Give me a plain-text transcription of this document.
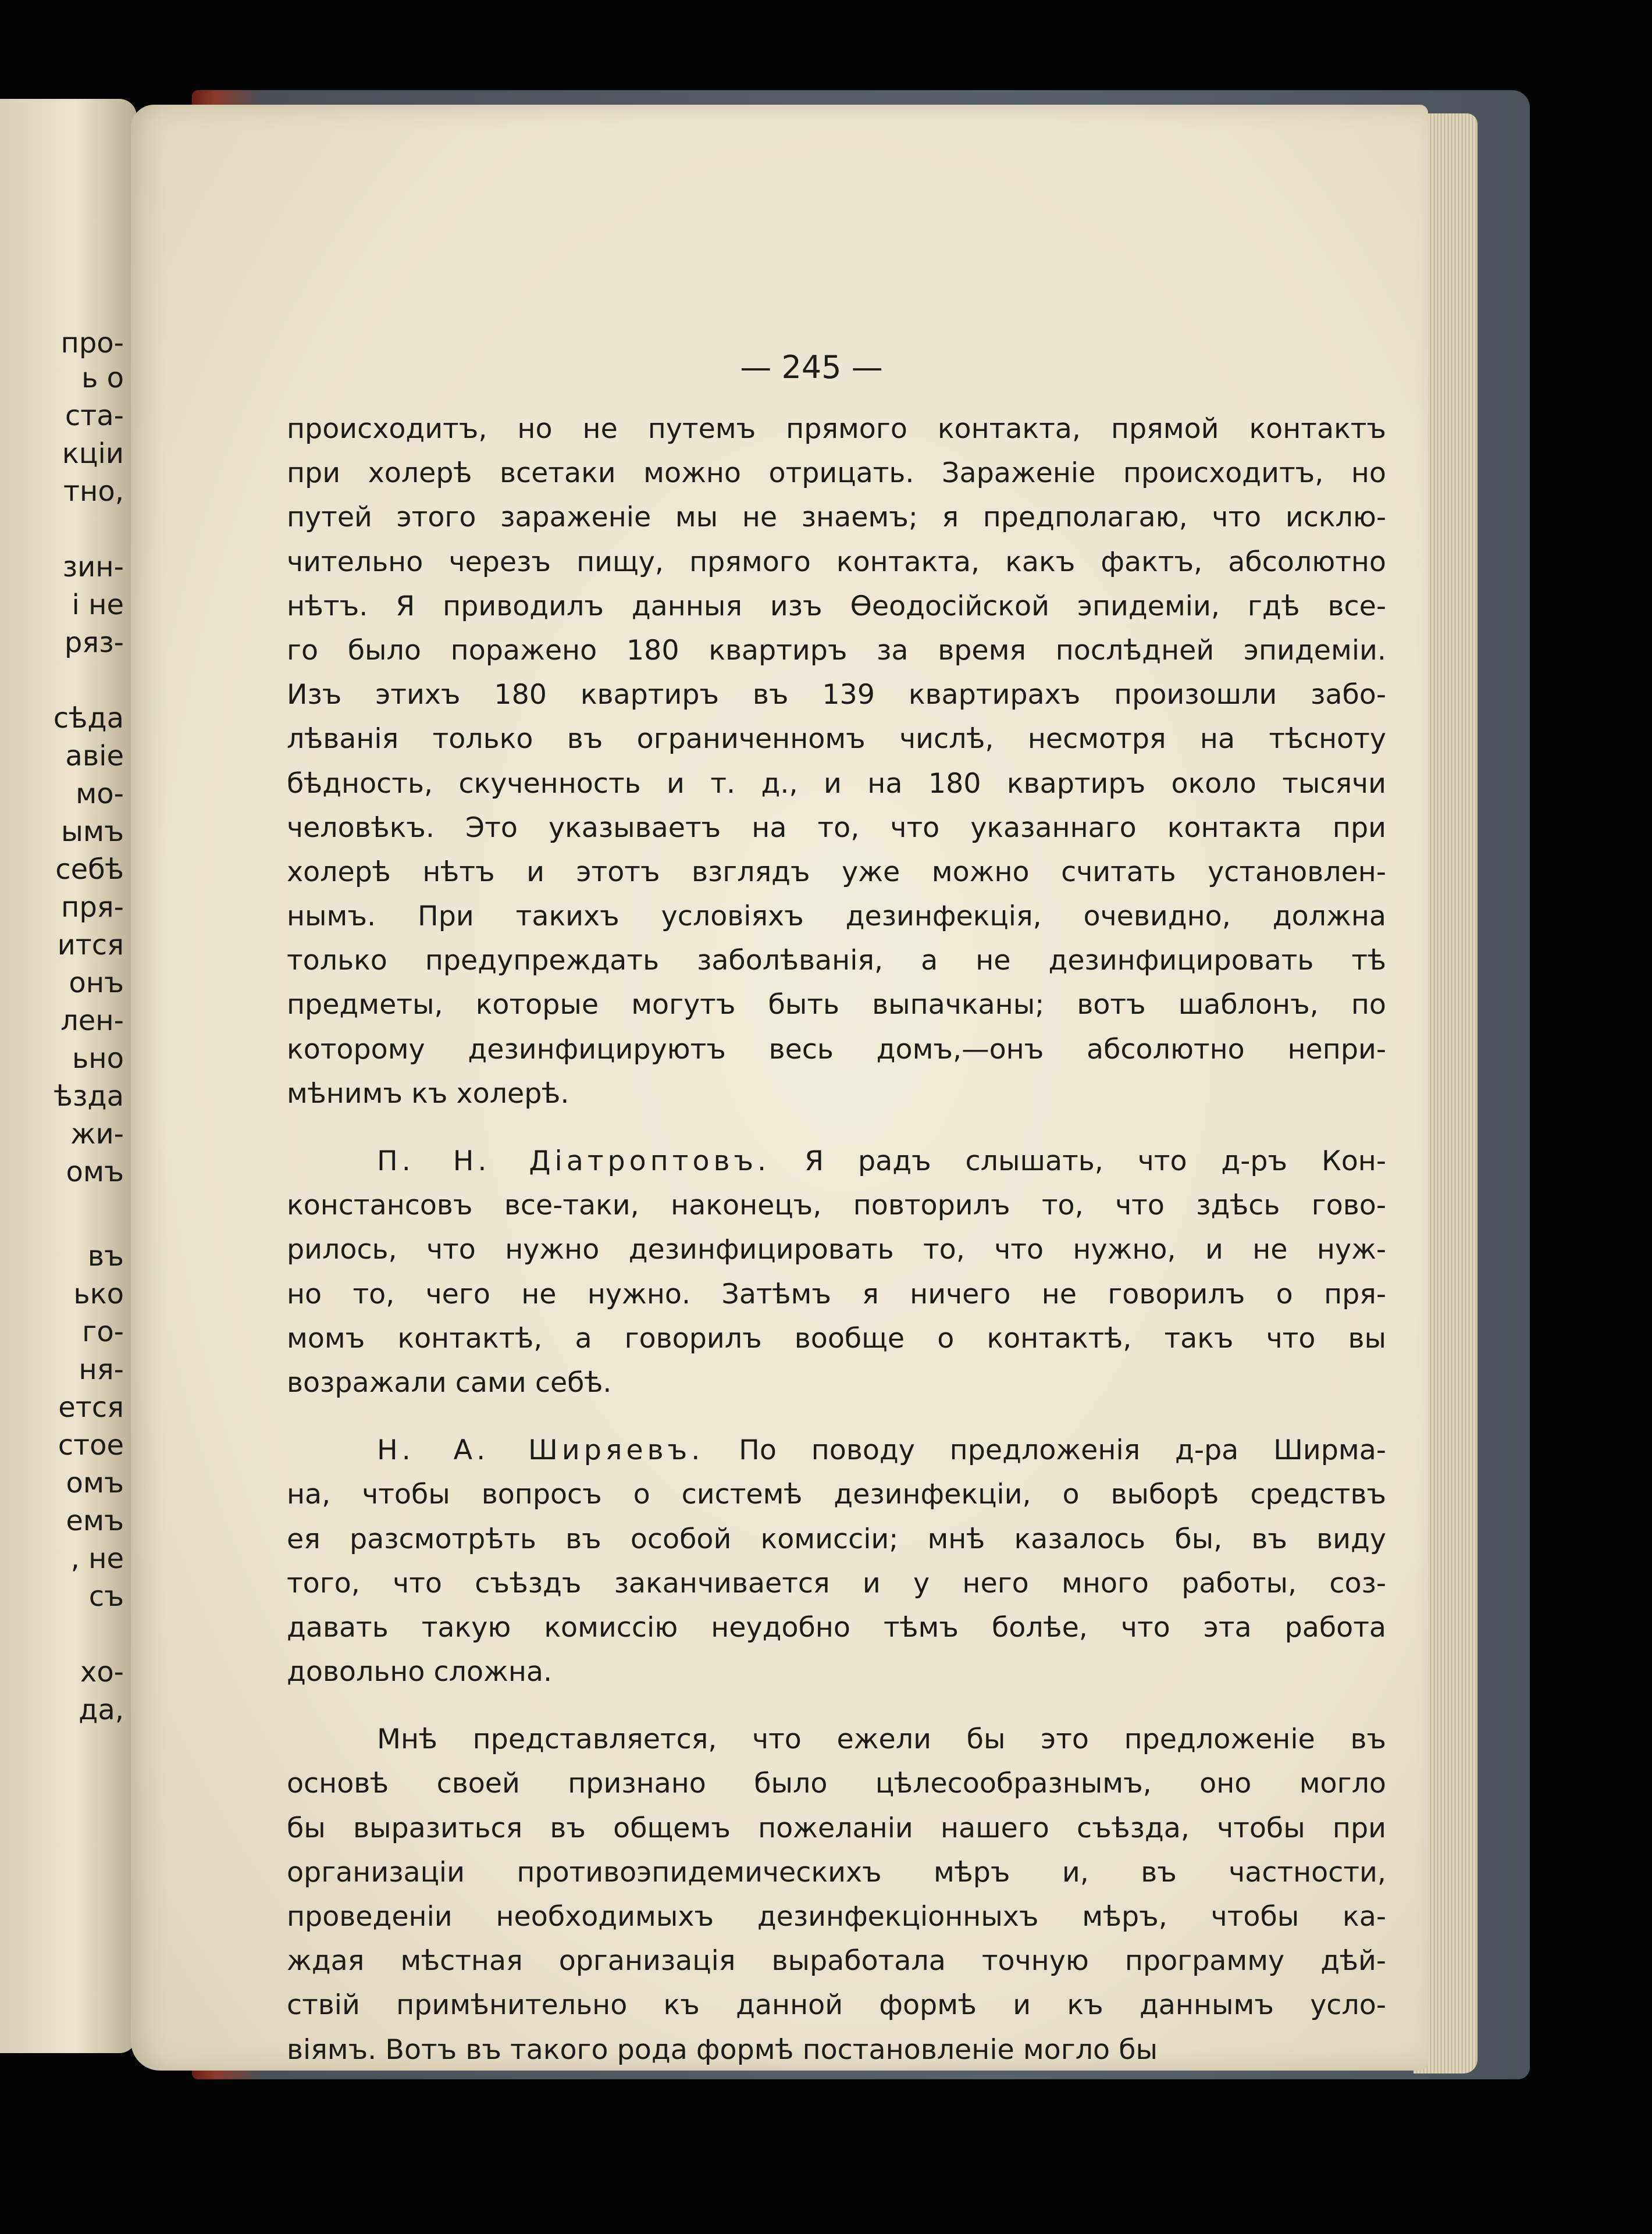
про-
ь о
ста-
кціи
тно,
зин-
і не
ряз-
сѣда
авіе
мо-
ымъ
себѣ
пря-
ится
онъ
лен-
ьно
ѣзда
жи-
омъ
въ
ько
го-
ня-
ется
стое
омъ
емъ
, не
съ
хо-
да,
— 245 —
происходитъ, но не путемъ прямого контакта, прямой контактъ
при холерѣ всетаки можно отрицать. Зараженіе происходитъ, но
путей этого зараженіе мы не знаемъ; я предполагаю, что исклю-
чительно черезъ пищу, прямого контакта, какъ фактъ, абсолютно
нѣтъ. Я приводилъ данныя изъ Ѳеодосійской эпидеміи, гдѣ все-
го было поражено 180 квартиръ за время послѣдней эпидеміи.
Изъ этихъ 180 квартиръ въ 139 квартирахъ произошли забо-
лѣванія только въ ограниченномъ числѣ, несмотря на тѣсноту
бѣдность, скученность и т. д., и на 180 квартиръ около тысячи
человѣкъ. Это указываетъ на то, что указаннаго контакта при
холерѣ нѣтъ и этотъ взглядъ уже можно считать установлен-
нымъ. При такихъ условіяхъ дезинфекція, очевидно, должна
только предупреждать заболѣванія, а не дезинфицировать тѣ
предметы, которые могутъ быть выпачканы; вотъ шаблонъ, по
которому дезинфицируютъ весь домъ,—онъ абсолютно непри-
мѣнимъ къ холерѣ.
П. Н. Діатроптовъ. Я радъ слышать, что д-ръ Кон-
констансовъ все-таки, наконецъ, повторилъ то, что здѣсь гово-
рилось, что нужно дезинфицировать то, что нужно, и не нуж-
но то, чего не нужно. Затѣмъ я ничего не говорилъ о пря-
момъ контактѣ, а говорилъ вообще о контактѣ, такъ что вы
возражали сами себѣ.
Н. А. Ширяевъ. По поводу предложенія д-ра Ширма-
на, чтобы вопросъ о системѣ дезинфекціи, о выборѣ средствъ
ея разсмотрѣть въ особой комиссіи; мнѣ казалось бы, въ виду
того, что съѣздъ заканчивается и у него много работы, соз-
давать такую комиссію неудобно тѣмъ болѣе, что эта работа
довольно сложна.
Мнѣ представляется, что ежели бы это предложеніе въ
основѣ своей признано было цѣлесообразнымъ, оно могло
бы выразиться въ общемъ пожеланіи нашего съѣзда, чтобы при
организаціи противоэпидемическихъ мѣръ и, въ частности,
проведеніи необходимыхъ дезинфекціонныхъ мѣръ, чтобы ка-
ждая мѣстная организація выработала точную программу дѣй-
ствій примѣнительно къ данной формѣ и къ даннымъ усло-
віямъ. Вотъ въ такого рода формѣ постановленіе могло бы
